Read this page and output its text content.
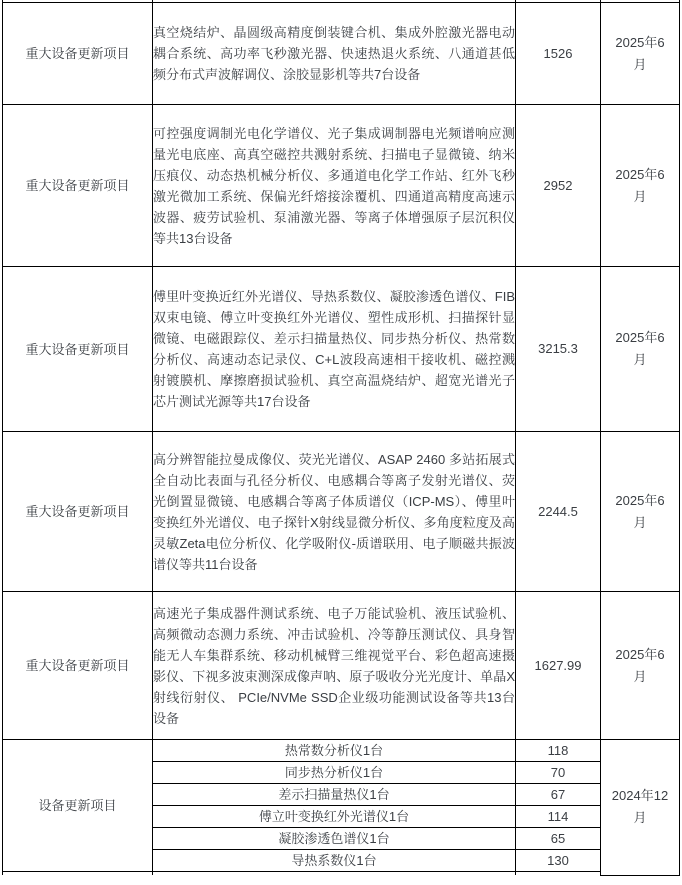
重大设备更新项目	真空烧结炉、晶圆级高精度倒装键合机、集成外腔激光器电动耦合系统、高功率飞秒激光器、快速热退火系统、八通道甚低频分布式声波解调仪、涂胶显影机等共7台设备	1526	2025年6月

重大设备更新项目	可控强度调制光电化学谱仪、光子集成调制器电光频谱响应测量光电底座、高真空磁控共溅射系统、扫描电子显微镜、纳米压痕仪、动态热机械分析仪、多通道电化学工作站、红外飞秒激光微加工系统、保偏光纤熔接涂覆机、四通道高精度高速示波器、疲劳试验机、泵浦激光器、等离子体增强原子层沉积仪等共13台设备	2952	2025年6月

重大设备更新项目	傅里叶变换近红外光谱仪、导热系数仪、凝胶渗透色谱仪、FIB双束电镜、傅立叶变换红外光谱仪、塑性成形机、扫描探针显微镜、电磁跟踪仪、差示扫描量热仪、同步热分析仪、热常数分析仪、高速动态记录仪、C+L波段高速相干接收机、磁控溅射镀膜机、摩擦磨损试验机、真空高温烧结炉、超宽光谱光子芯片测试光源等共17台设备	3215.3	2025年6月

重大设备更新项目	高分辨智能拉曼成像仪、荧光光谱仪、ASAP 2460 多站拓展式全自动比表面与孔径分析仪、电感耦合等离子发射光谱仪、荧光倒置显微镜、电感耦合等离子体质谱仪（ICP-MS）、傅里叶变换红外光谱仪、电子探针X射线显微分析仪、多角度粒度及高灵敏Zeta电位分析仪、化学吸附仪-质谱联用、电子顺磁共振波谱仪等共11台设备	2244.5	2025年6月

重大设备更新项目	高速光子集成器件测试系统、电子万能试验机、液压试验机、高频微动态测力系统、冲击试验机、冷等静压测试仪、具身智能无人车集群系统、移动机械臂三维视觉平台、彩色超高速摄影仪、下视多波束测深成像声呐、原子吸收分光光度计、单晶X射线衍射仪、 PCIe/NVMe SSD企业级功能测试设备等共13台设备	1627.99	2025年6月

设备更新项目	热常数分析仪1台	118	2024年12月

	同步热分析仪1台	70	
	差示扫描量热仪1台	67	
	傅立叶变换红外光谱仪1台	114	
	凝胶渗透色谱仪1台	65	
	导热系数仪1台	130	
